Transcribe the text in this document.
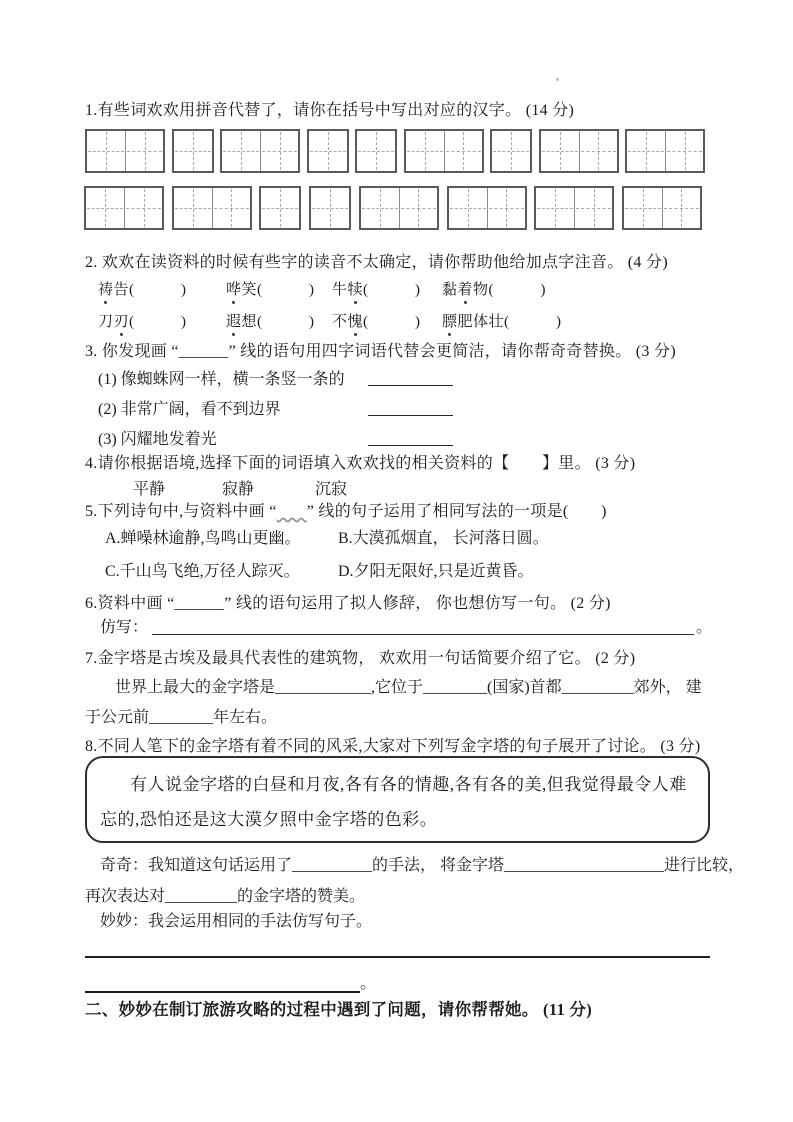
1.有些词欢欢用拼音代替了，请你在括号中写出对应的汉字。 (14 分)
2. 欢欢在读资料的时候有些字的读音不太确定，请你帮助他给加点字注音。 (4 分)
祷告(　　　)	哗笑(　　　)	牛犊(　　　)	黏着物(　　　)
刀刃(　　　)	遐想(　　　)	不愧(　　　)	膘肥体壮(　　　)
3. 你发现画 “______” 线的语句用四字词语代替会更简洁，请你帮奇奇替换。 (3 分)
(1) 像蜘蛛网一样，横一条竖一条的
(2) 非常广阔，看不到边界
(3) 闪耀地发着光
4.请你根据语境,选择下面的词语填入欢欢找的相关资料的【　　】里。 (3 分)
平静	寂静	沉寂
5.下列诗句中,与资料中画 “ ” 线的句子运用了相同写法的一项是(　　)
A.蝉噪林逾静,鸟鸣山更幽。	B.大漠孤烟直， 长河落日圆。
C.千山鸟飞绝,万径人踪灭。	D.夕阳无限好,只是近黄昏。
6.资料中画 “______” 线的语句运用了拟人修辞， 你也想仿写一句。 (2 分)
仿写：	。
7.金字塔是古埃及最具代表性的建筑物， 欢欢用一句话简要介绍了它。 (2 分)
世界上最大的金字塔是____________,它位于________(国家)首都_________郊外， 建
于公元前________年左右。
8.不同人笔下的金字塔有着不同的风采,大家对下列写金字塔的句子展开了讨论。 (3 分)
有人说金字塔的白昼和月夜,各有各的情趣,各有各的美,但我觉得最令人难
忘的,恐怕还是这大漠夕照中金字塔的色彩。
奇奇：我知道这句话运用了__________的手法， 将金字塔____________________进行比较，
再次表达对_________的金字塔的赞美。
妙妙：我会运用相同的手法仿写句子。
。
二、妙妙在制订旅游攻略的过程中遇到了问题，请你帮帮她。 (11 分)
